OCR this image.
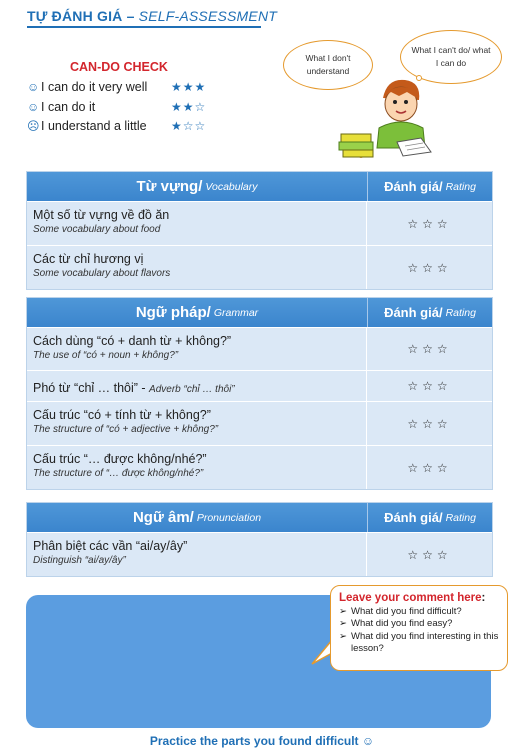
TỰ ĐÁNH GIÁ – SELF-ASSESSMENT
CAN-DO CHECK
☺ I can do it very well ★★★
☺ I can do it	★★☆
☹ I understand a little ★☆☆
What I don't understand
What I can't do/ what I can do
Từ vựng/ Vocabulary	Đánh giá/ Rating
Một số từ vựng về đồ ăn
Some vocabulary about food	☆☆☆
Các từ chỉ hương vị
Some vocabulary about flavors	☆☆☆
Ngữ pháp/ Grammar	Đánh giá/ Rating
Cách dùng “có + danh từ + không?”
The use of “có + noun + không?”	☆☆☆
Phó từ “chỉ … thôi” - Adverb “chỉ … thôi”	☆☆☆
Cấu trúc “có + tính từ + không?”
The structure of “có + adjective + không?”	☆☆☆
Cấu trúc “… được không/nhé?”
The structure of “… được không/nhé?”	☆☆☆
Ngữ âm/ Pronunciation	Đánh giá/ Rating
Phân biệt các vần “ai/ay/ây”
Distinguish “ai/ay/ây”	☆☆☆
Leave your comment here:
➢ What did you find difficult?
➢ What did you find easy?
➢ What did you find interesting in this lesson?
Practice the parts you found difficult ☺
